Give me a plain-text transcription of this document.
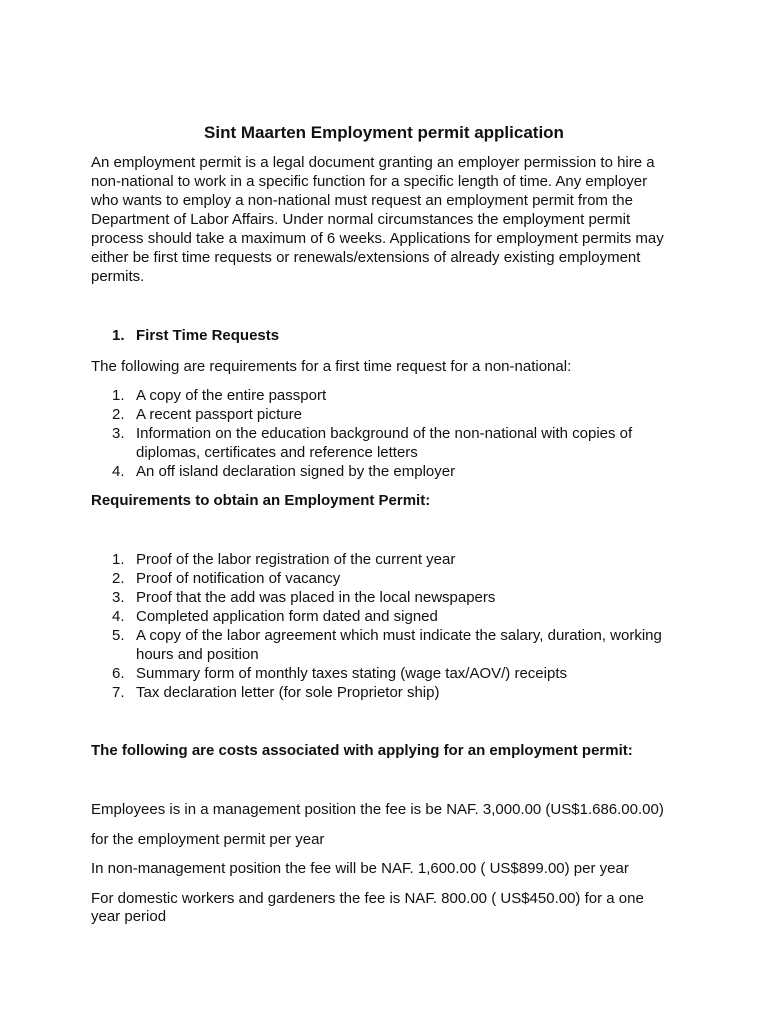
Sint Maarten Employment permit application
An employment permit is a legal document granting an employer permission to hire a
non-national to work in a specific function for a specific length of time. Any employer
who wants to employ a non-national must request an employment permit from the
Department of Labor Affairs. Under normal circumstances the employment permit
process should take a maximum of 6 weeks. Applications for employment permits may
either be first time requests or renewals/extensions of already existing employment
permits.
1. First Time Requests
The following are requirements for a first time request for a non-national:
1. A copy of the entire passport
2. A recent passport picture
3. Information on the education background of the non-national with copies of
diplomas, certificates and reference letters
4. An off island declaration signed by the employer
Requirements to obtain an Employment Permit:
1. Proof of the labor registration of the current year
2. Proof of notification of vacancy
3. Proof that the add was placed in the local newspapers
4. Completed application form dated and signed
5. A copy of the labor agreement which must indicate the salary, duration, working
hours and position
6. Summary form of monthly taxes stating (wage tax/AOV/) receipts
7. Tax declaration letter (for sole Proprietor ship)
The following are costs associated with applying for an employment permit:
Employees is in a management position the fee is be NAF. 3,000.00 (US$1.686.00.00)
for the employment permit per year
In non-management position the fee will be NAF. 1,600.00 ( US$899.00) per year
For domestic workers and gardeners the fee is NAF. 800.00 ( US$450.00) for a one
year period
